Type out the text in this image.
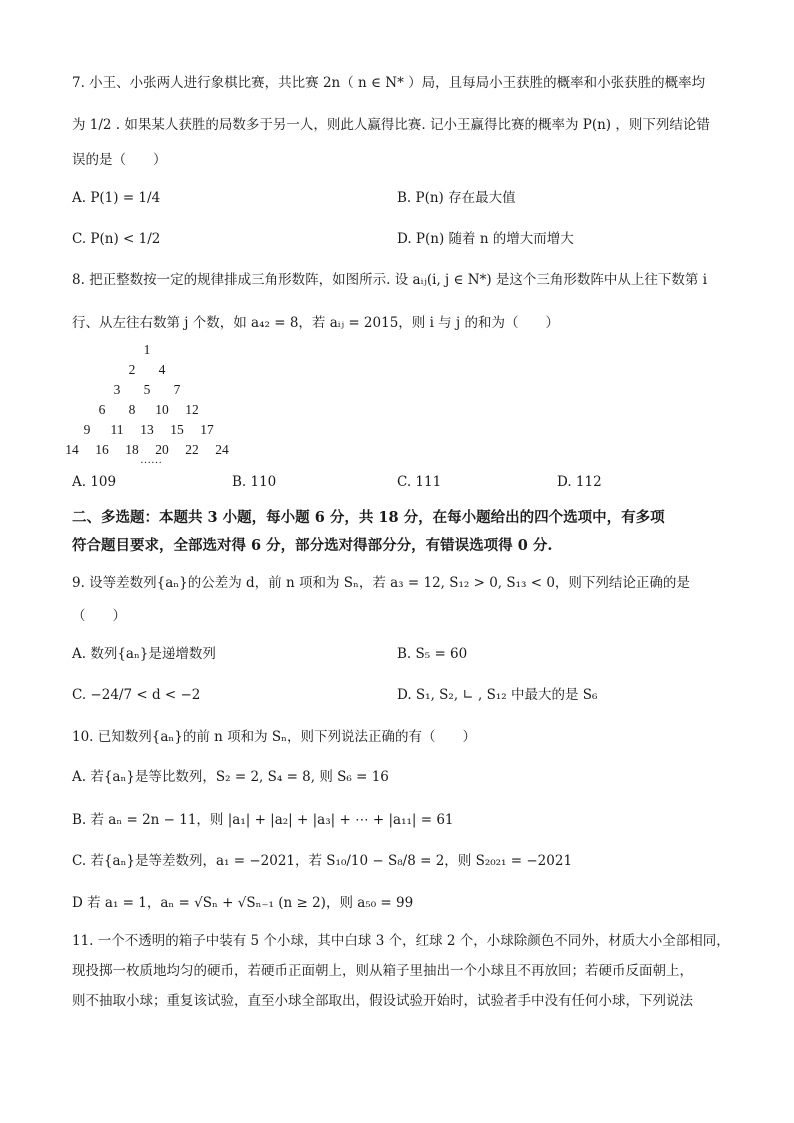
7. 小王、小张两人进行象棋比赛，共比赛 2n（ n ∈ N* ）局，且每局小王获胜的概率和小张获胜的概率均
为 1/2 . 如果某人获胜的局数多于另一人，则此人赢得比赛. 记小王赢得比赛的概率为 P(n) ，则下列结论错
误的是（　　）
A. P(1) = 1/4	B. P(n) 存在最大值
C. P(n) < 1/2	D. P(n) 随着 n 的增大而增大
8. 把正整数按一定的规律排成三角形数阵，如图所示. 设 aᵢⱼ(i, j ∈ N*) 是这个三角形数阵中从上往下数第 i
行、从左往右数第 j 个数，如 a₄₂ = 8，若 aᵢⱼ = 2015，则 i 与 j 的和为（　　）
……
1
2	4
3	5	7
6	8	10 12
9	11 13 15 17
14 16 18 20 22 24
A. 109	B. 110	C. 111	D. 112
二、多选题：本题共 3 小题，每小题 6 分，共 18 分，在每小题给出的四个选项中，有多项
符合题目要求，全部选对得 6 分，部分选对得部分分，有错误选项得 0 分.
9. 设等差数列{aₙ}的公差为 d，前 n 项和为 Sₙ，若 a₃ = 12, S₁₂ > 0, S₁₃ < 0，则下列结论正确的是
（　　）
A. 数列{aₙ}是递增数列	B. S₅ = 60
C. −24/7 < d < −2	D. S₁, S₂, ∟ , S₁₂ 中最大的是 S₆
10. 已知数列{aₙ}的前 n 项和为 Sₙ，则下列说法正确的有（　　）
A. 若{aₙ}是等比数列，S₂ = 2, S₄ = 8, 则 S₆ = 16
B. 若 aₙ = 2n − 11，则 |a₁| + |a₂| + |a₃| + ⋯ + |a₁₁| = 61
C. 若{aₙ}是等差数列，a₁ = −2021，若 S₁₀/10 − S₈/8 = 2，则 S₂₀₂₁ = −2021
D 若 a₁ = 1，aₙ = √Sₙ + √Sₙ₋₁ (n ≥ 2)，则 a₅₀ = 99
11. 一个不透明的箱子中装有 5 个小球，其中白球 3 个，红球 2 个，小球除颜色不同外，材质大小全部相同，
现投掷一枚质地均匀的硬币，若硬币正面朝上，则从箱子里抽出一个小球且不再放回；若硬币反面朝上，
则不抽取小球；重复该试验，直至小球全部取出，假设试验开始时，试验者手中没有任何小球，下列说法
